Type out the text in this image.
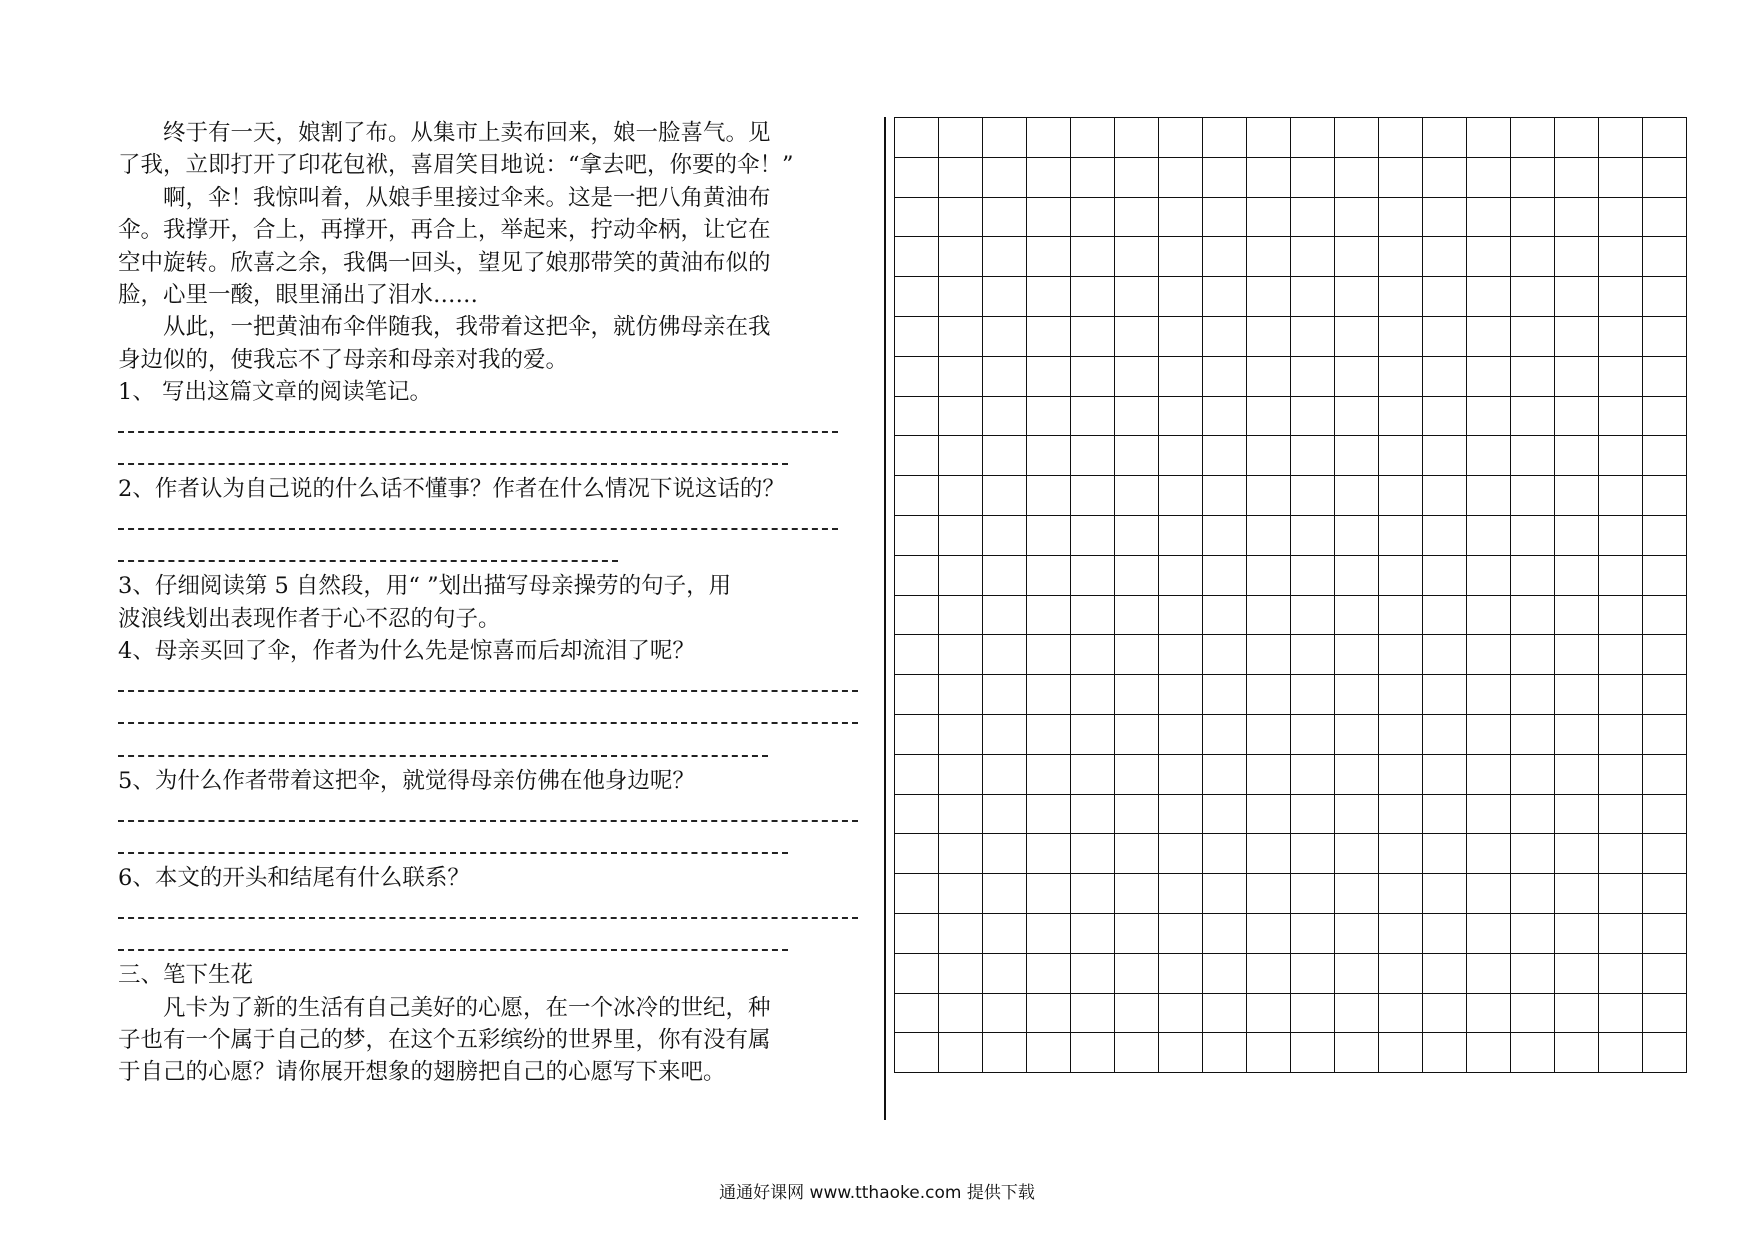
终于有一天，娘割了布。从集市上卖布回来，娘一脸喜气。见
了我，立即打开了印花包袱，喜眉笑目地说：“拿去吧，你要的伞！”
啊，伞！我惊叫着，从娘手里接过伞来。这是一把八角黄油布
伞。我撑开，合上，再撑开，再合上，举起来，拧动伞柄，让它在
空中旋转。欣喜之余，我偶一回头，望见了娘那带笑的黄油布似的
脸，心里一酸，眼里涌出了泪水……
从此，一把黄油布伞伴随我，我带着这把伞，就仿佛母亲在我
身边似的，使我忘不了母亲和母亲对我的爱。
1、 写出这篇文章的阅读笔记。
2、作者认为自己说的什么话不懂事？作者在什么情况下说这话的？
3、仔细阅读第 5 自然段，用“ ”划出描写母亲操劳的句子，用
波浪线划出表现作者于心不忍的句子。
4、母亲买回了伞，作者为什么先是惊喜而后却流泪了呢？
5、为什么作者带着这把伞，就觉得母亲仿佛在他身边呢？
6、本文的开头和结尾有什么联系？
三、笔下生花
凡卡为了新的生活有自己美好的心愿，在一个冰冷的世纪，种
子也有一个属于自己的梦，在这个五彩缤纷的世界里，你有没有属
于自己的心愿？请你展开想象的翅膀把自己的心愿写下来吧。

通通好课网 www.tthaoke.com 提供下载
